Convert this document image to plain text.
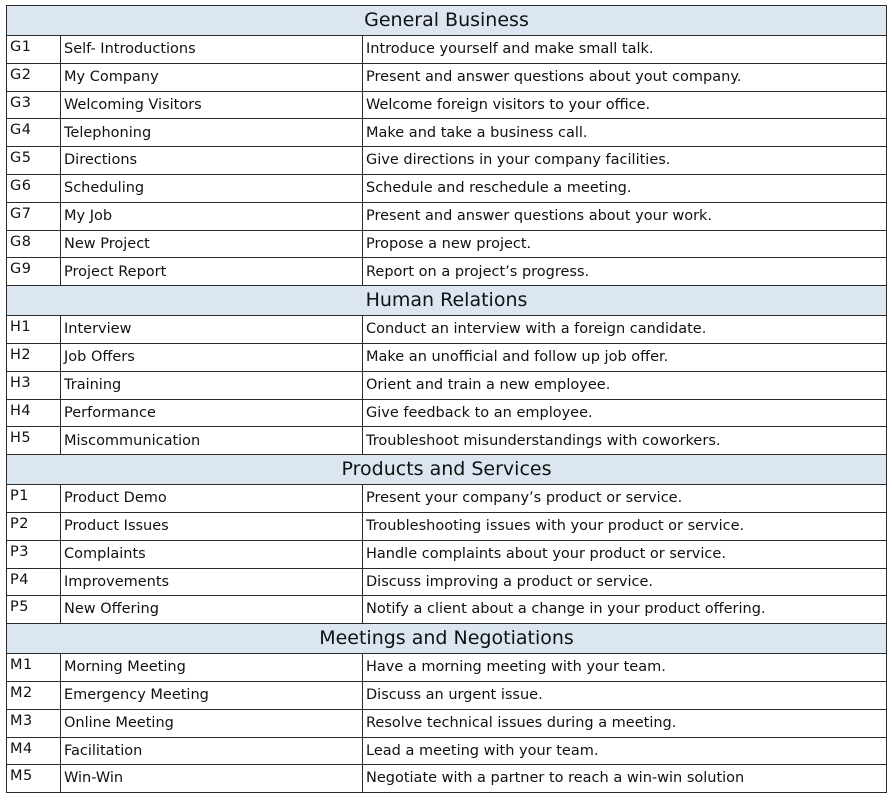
General Business		
G1	Self- Introductions	Introduce yourself and make small talk.
G2	My Company	Present and answer questions about yout company.
G3	Welcoming Visitors	Welcome foreign visitors to your office.
G4	Telephoning	Make and take a business call.
G5	Directions	Give directions in your company facilities.
G6	Scheduling	Schedule and reschedule a meeting.
G7	My Job	Present and answer questions about your work.
G8	New Project	Propose a new project.
G9	Project Report	Report on a project’s progress.
Human Relations		
H1	Interview	Conduct an interview with a foreign candidate.
H2	Job Offers	Make an unofficial and follow up job offer.
H3	Training	Orient and train a new employee.
H4	Performance	Give feedback to an employee.
H5	Miscommunication	Troubleshoot misunderstandings with coworkers.
Products and Services		
P1	Product Demo	Present your company’s product or service.
P2	Product Issues	Troubleshooting issues with your product or service.
P3	Complaints	Handle complaints about your product or service.
P4	Improvements	Discuss improving a product or service.
P5	New Offering	Notify a client about a change in your product offering.
Meetings and Negotiations		
M1	Morning Meeting	Have a morning meeting with your team.
M2	Emergency Meeting	Discuss an urgent issue.
M3	Online Meeting	Resolve technical issues during a meeting.
M4	Facilitation	Lead a meeting with your team.
M5	Win-Win	Negotiate with a partner to reach a win-win solution
